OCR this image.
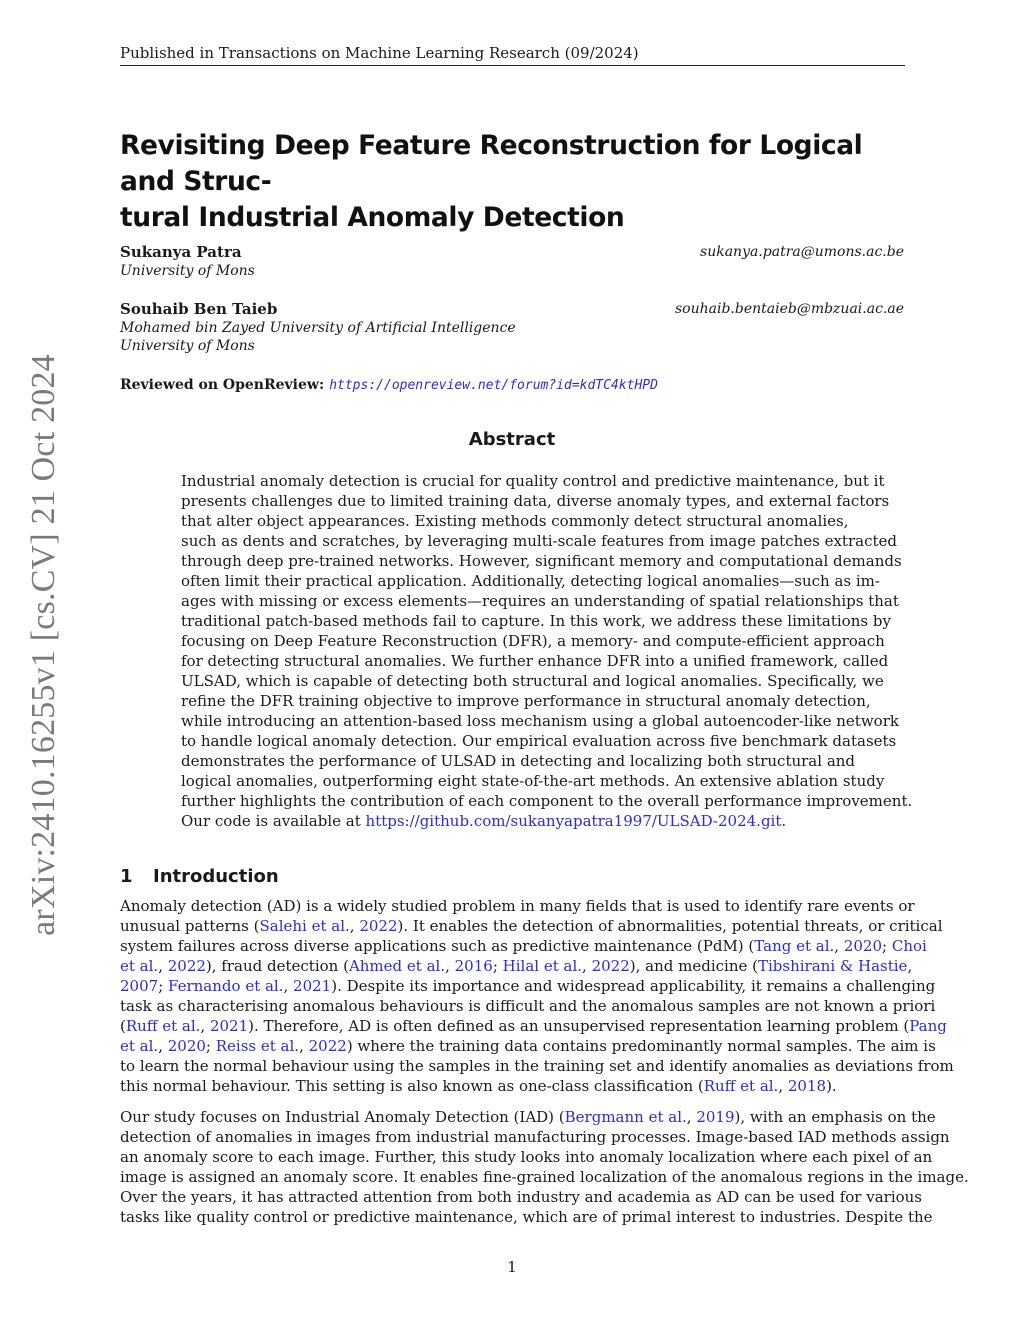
Published in Transactions on Machine Learning Research (09/2024)
arXiv:2410.16255v1 [cs.CV] 21 Oct 2024
Revisiting Deep Feature Reconstruction for Logical and Struc-
tural Industrial Anomaly Detection
Sukanya Patra	sukanya.patra@umons.ac.be
University of Mons
Souhaib Ben Taieb	souhaib.bentaieb@mbzuai.ac.ae
Mohamed bin Zayed University of Artificial Intelligence
University of Mons
Reviewed on OpenReview: https://openreview.net/forum?id=kdTC4ktHPD
Abstract
Industrial anomaly detection is crucial for quality control and predictive maintenance, but it
presents challenges due to limited training data, diverse anomaly types, and external factors
that alter object appearances. Existing methods commonly detect structural anomalies,
such as dents and scratches, by leveraging multi-scale features from image patches extracted
through deep pre-trained networks. However, significant memory and computational demands
often limit their practical application. Additionally, detecting logical anomalies—such as im-
ages with missing or excess elements—requires an understanding of spatial relationships that
traditional patch-based methods fail to capture. In this work, we address these limitations by
focusing on Deep Feature Reconstruction (DFR), a memory- and compute-efficient approach
for detecting structural anomalies. We further enhance DFR into a unified framework, called
ULSAD, which is capable of detecting both structural and logical anomalies. Specifically, we
refine the DFR training objective to improve performance in structural anomaly detection,
while introducing an attention-based loss mechanism using a global autoencoder-like network
to handle logical anomaly detection. Our empirical evaluation across five benchmark datasets
demonstrates the performance of ULSAD in detecting and localizing both structural and
logical anomalies, outperforming eight state-of-the-art methods. An extensive ablation study
further highlights the contribution of each component to the overall performance improvement.
Our code is available at https://github.com/sukanyapatra1997/ULSAD-2024.git.
1 Introduction
Anomaly detection (AD) is a widely studied problem in many fields that is used to identify rare events or
unusual patterns (Salehi et al., 2022). It enables the detection of abnormalities, potential threats, or critical
system failures across diverse applications such as predictive maintenance (PdM) (Tang et al., 2020; Choi
et al., 2022), fraud detection (Ahmed et al., 2016; Hilal et al., 2022), and medicine (Tibshirani & Hastie,
2007; Fernando et al., 2021). Despite its importance and widespread applicability, it remains a challenging
task as characterising anomalous behaviours is difficult and the anomalous samples are not known a priori
(Ruff et al., 2021). Therefore, AD is often defined as an unsupervised representation learning problem (Pang
et al., 2020; Reiss et al., 2022) where the training data contains predominantly normal samples. The aim is
to learn the normal behaviour using the samples in the training set and identify anomalies as deviations from
this normal behaviour. This setting is also known as one-class classification (Ruff et al., 2018).
Our study focuses on Industrial Anomaly Detection (IAD) (Bergmann et al., 2019), with an emphasis on the
detection of anomalies in images from industrial manufacturing processes. Image-based IAD methods assign
an anomaly score to each image. Further, this study looks into anomaly localization where each pixel of an
image is assigned an anomaly score. It enables fine-grained localization of the anomalous regions in the image.
Over the years, it has attracted attention from both industry and academia as AD can be used for various
tasks like quality control or predictive maintenance, which are of primal interest to industries. Despite the
1
